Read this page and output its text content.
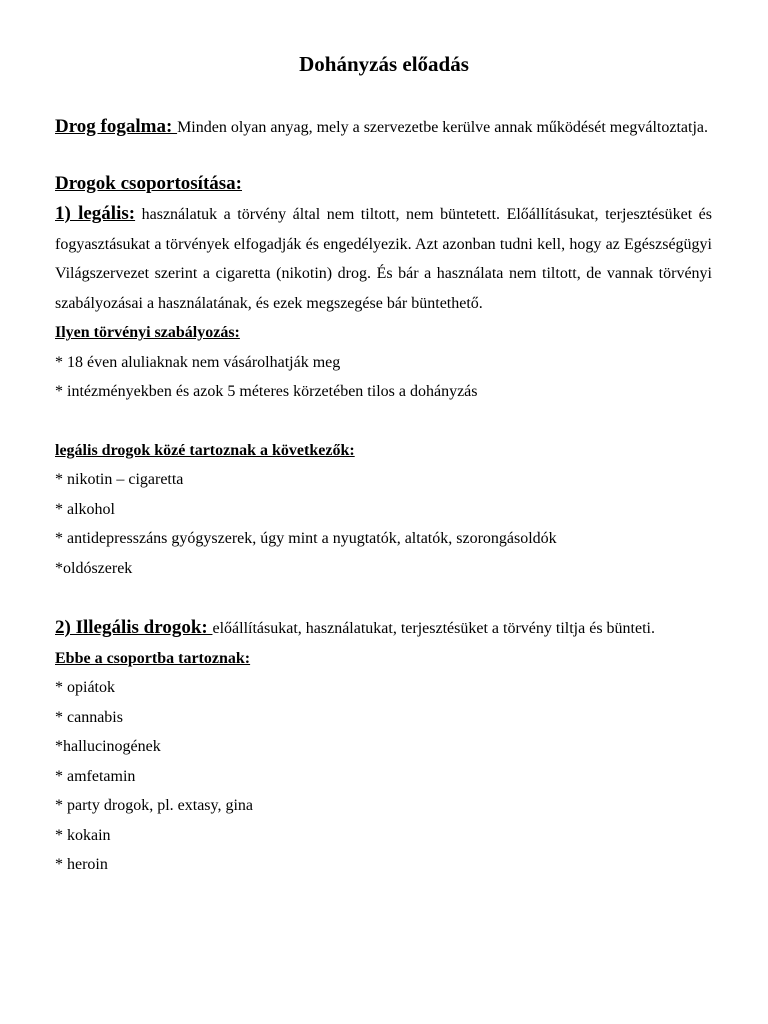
Dohányzás előadás

Drog fogalma: Minden olyan anyag, mely a szervezetbe kerülve annak működését megváltoztatja.

Drogok csoportosítása:

1) legális: használatuk a törvény által nem tiltott, nem büntetett. Előállításukat, terjesztésüket és fogyasztásukat a törvények elfogadják és engedélyezik. Azt azonban tudni kell, hogy az Egészségügyi Világszervezet szerint a cigaretta (nikotin) drog. És bár a használata nem tiltott, de vannak törvényi szabályozásai a használatának, és ezek megszegése bár büntethető.

Ilyen törvényi szabályozás:

* 18 éven aluliaknak nem vásárolhatják meg

* intézményekben és azok 5 méteres körzetében tilos a dohányzás

legális drogok közé tartoznak a következők:

* nikotin – cigaretta

* alkohol

* antidepresszáns gyógyszerek, úgy mint a nyugtatók, altatók, szorongásoldók

*oldószerek

2) Illegális drogok: előállításukat, használatukat, terjesztésüket a törvény tiltja és bünteti.

Ebbe a csoportba tartoznak:

* opiátok

* cannabis

*hallucinogének

* amfetamin

* party drogok, pl. extasy, gina

* kokain

* heroin
